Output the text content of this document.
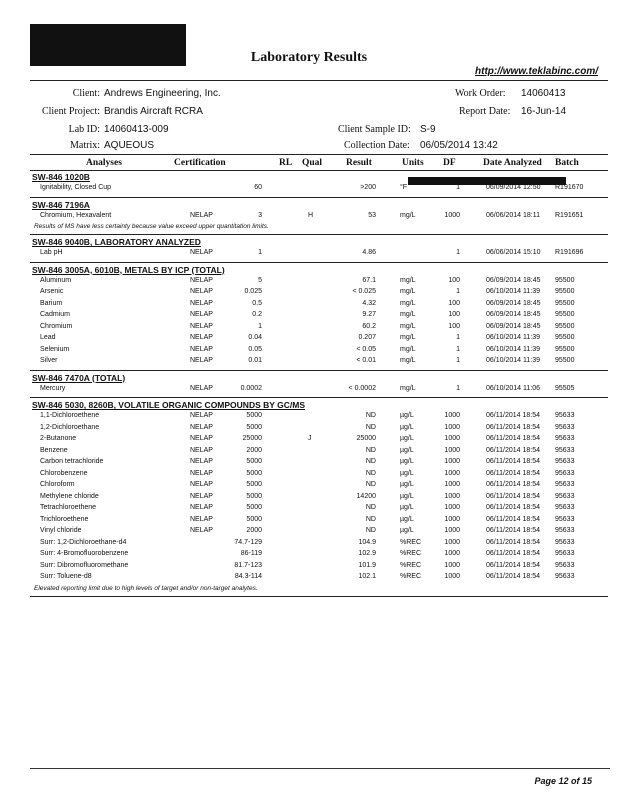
Laboratory Results
http://www.teklabinc.com/
Client: Andrews Engineering, Inc.	Work Order: 14060413
Client Project: Brandis Aircraft RCRA	Report Date: 16-Jun-14
Lab ID: 14060413-009	Client Sample ID: S-9
Matrix: AQUEOUS	Collection Date: 06/05/2014 13:42
Analyses	Certification	RL Qual	Result	Units DF	Date Analyzed Batch
SW-846 1020B
Ignitability, Closed Cup	60	>200	°F	1	06/09/2014 12:50 R191670
SW-846 7196A
Chromium, Hexavalent	NELAP	3	H	53	mg/L	1000	06/06/2014 18:11 R191651
Results of MS have less certainty because value exceed upper quantitation limits.
SW-846 9040B, LABORATORY ANALYZED
Lab pH	NELAP	1	4.86	1	06/06/2014 15:10 R191696
SW-846 3005A, 6010B, METALS BY ICP (TOTAL)
Aluminum	NELAP	5	67.1	mg/L	100	06/09/2014 18:45 95500
Arsenic	NELAP	0.025	< 0.025	mg/L	1	06/10/2014 11:39 95500
Barium	NELAP	0.5	4.32	mg/L	100	06/09/2014 18:45 95500
Cadmium	NELAP	0.2	9.27	mg/L	100	06/09/2014 18:45 95500
Chromium	NELAP	1	60.2	mg/L	100	06/09/2014 18:45 95500
Lead	NELAP	0.04	0.207	mg/L	1	06/10/2014 11:39 95500
Selenium	NELAP	0.05	< 0.05	mg/L	1	06/10/2014 11:39 95500
Silver	NELAP	0.01	< 0.01	mg/L	1	06/10/2014 11:39 95500
SW-846 7470A (TOTAL)
Mercury	NELAP	0.0002	< 0.0002	mg/L	1	06/10/2014 11:06 95505
SW-846 5030, 8260B, VOLATILE ORGANIC COMPOUNDS BY GC/MS
1,1-Dichloroethene	NELAP	5000	ND	µg/L	1000	06/11/2014 18:54 95633
1,2-Dichloroethane	NELAP	5000	ND	µg/L	1000	06/11/2014 18:54 95633
2-Butanone	NELAP	25000	J	25000	µg/L	1000	06/11/2014 18:54 95633
Benzene	NELAP	2000	ND	µg/L	1000	06/11/2014 18:54 95633
Carbon tetrachloride	NELAP	5000	ND	µg/L	1000	06/11/2014 18:54 95633
Chlorobenzene	NELAP	5000	ND	µg/L	1000	06/11/2014 18:54 95633
Chloroform	NELAP	5000	ND	µg/L	1000	06/11/2014 18:54 95633
Methylene chloride	NELAP	5000	14200	µg/L	1000	06/11/2014 18:54 95633
Tetrachloroethene	NELAP	5000	ND	µg/L	1000	06/11/2014 18:54 95633
Trichloroethene	NELAP	5000	ND	µg/L	1000	06/11/2014 18:54 95633
Vinyl chloride	NELAP	2000	ND	µg/L	1000	06/11/2014 18:54 95633
Surr: 1,2-Dichloroethane-d4	74.7-129	104.9	%REC	1000	06/11/2014 18:54 95633
Surr: 4-Bromofluorobenzene	86-119	102.9	%REC	1000	06/11/2014 18:54 95633
Surr: Dibromofluoromethane	81.7-123	101.9	%REC	1000	06/11/2014 18:54 95633
Surr: Toluene-d8	84.3-114	102.1	%REC	1000	06/11/2014 18:54 95633
Elevated reporting limit due to high levels of target and/or non-target analytes.
Page 12 of 15
